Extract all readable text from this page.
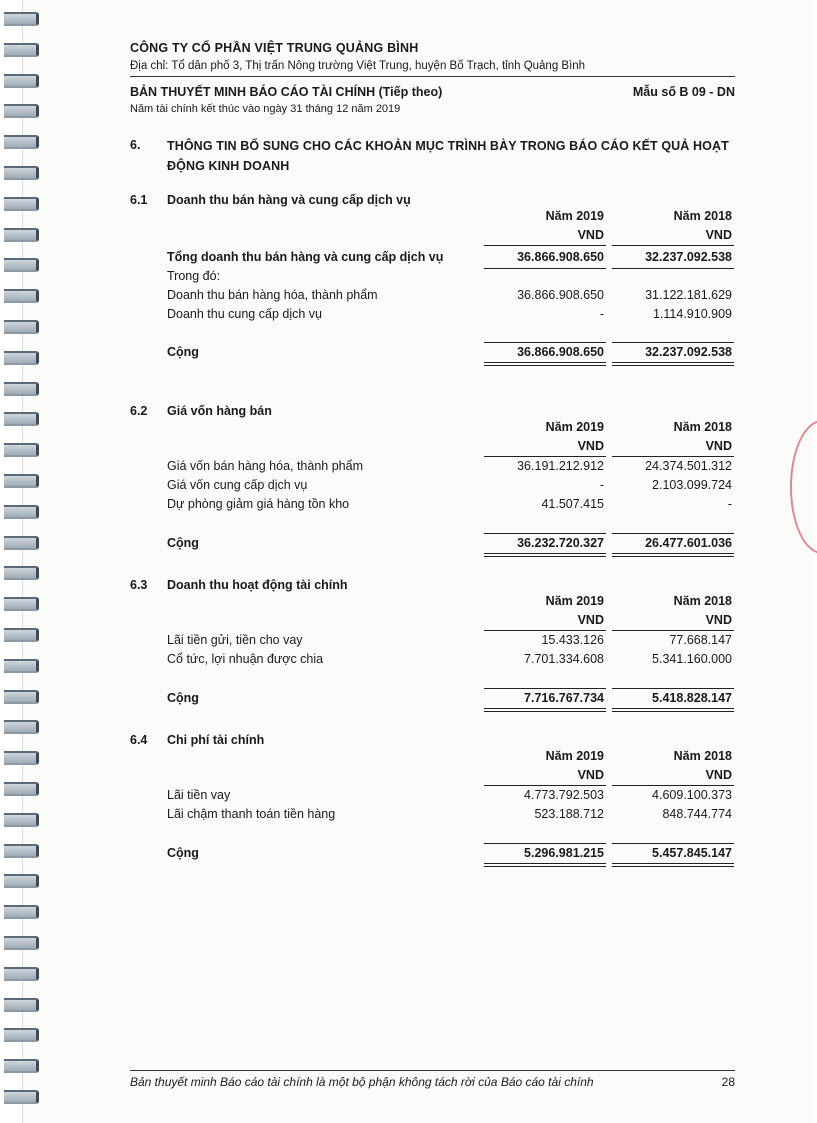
CÔNG TY CỔ PHẦN VIỆT TRUNG QUẢNG BÌNH
Địa chỉ: Tổ dân phố 3, Thị trấn Nông trường Việt Trung, huyện Bố Trạch, tỉnh Quảng Bình
BẢN THUYẾT MINH BÁO CÁO TÀI CHÍNH (Tiếp theo)	Mẫu số B 09 - DN
Năm tài chính kết thúc vào ngày 31 tháng 12 năm 2019
6. THÔNG TIN BỔ SUNG CHO CÁC KHOẢN MỤC TRÌNH BÀY TRONG BÁO CÁO KẾT QUẢ HOẠT ĐỘNG KINH DOANH
6.1 Doanh thu bán hàng và cung cấp dịch vụ
Năm 2019	Năm 2018
VND	VND
Tổng doanh thu bán hàng và cung cấp dịch vụ	36.866.908.650	32.237.092.538
Trong đó:
Doanh thu bán hàng hóa, thành phẩm	36.866.908.650	31.122.181.629
Doanh thu cung cấp dịch vụ	-	1.114.910.909
Cộng	36.866.908.650	32.237.092.538
6.2 Giá vốn hàng bán
Năm 2019	Năm 2018
VND	VND
Giá vốn bán hàng hóa, thành phẩm	36.191.212.912	24.374.501.312
Giá vốn cung cấp dịch vụ	-	2.103.099.724
Dự phòng giảm giá hàng tồn kho	41.507.415	-
Cộng	36.232.720.327	26.477.601.036
6.3 Doanh thu hoạt động tài chính
Năm 2019	Năm 2018
VND	VND
Lãi tiền gửi, tiền cho vay	15.433.126	77.668.147
Cổ tức, lợi nhuận được chia	7.701.334.608	5.341.160.000
Cộng	7.716.767.734	5.418.828.147
6.4 Chi phí tài chính
Năm 2019	Năm 2018
VND	VND
Lãi tiền vay	4.773.792.503	4.609.100.373
Lãi chậm thanh toán tiền hàng	523.188.712	848.744.774
Cộng	5.296.981.215	5.457.845.147
Bản thuyết minh Báo cáo tài chính là một bộ phận không tách rời của Báo cáo tài chính	28
